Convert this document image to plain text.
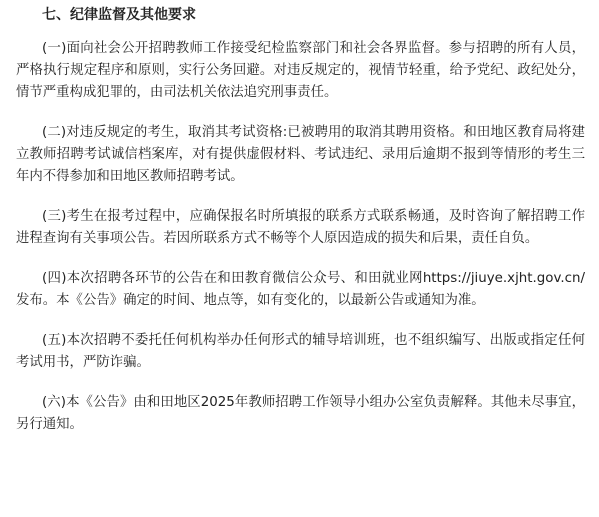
七、纪律监督及其他要求

(一)面向社会公开招聘教师工作接受纪检监察部门和社会各界监督。参与招聘的所有人员，严格执行规定程序和原则，实行公务回避。对违反规定的，视情节轻重，给予党纪、政纪处分，情节严重构成犯罪的，由司法机关依法追究刑事责任。

(二)对违反规定的考生，取消其考试资格:已被聘用的取消其聘用资格。和田地区教育局将建立教师招聘考试诚信档案库，对有提供虚假材料、考试违纪、录用后逾期不报到等情形的考生三年内不得参加和田地区教师招聘考试。

(三)考生在报考过程中，应确保报名时所填报的联系方式联系畅通，及时咨询了解招聘工作进程查询有关事项公告。若因所联系方式不畅等个人原因造成的损失和后果，责任自负。

(四)本次招聘各环节的公告在和田教育微信公众号、和田就业网https://jiuye.xjht.gov.cn/发布。本《公告》确定的时间、地点等，如有变化的，以最新公告或通知为准。

(五)本次招聘不委托任何机构举办任何形式的辅导培训班，也不组织编写、出版或指定任何考试用书，严防诈骗。

(六)本《公告》由和田地区2025年教师招聘工作领导小组办公室负责解释。其他未尽事宜，另行通知。
